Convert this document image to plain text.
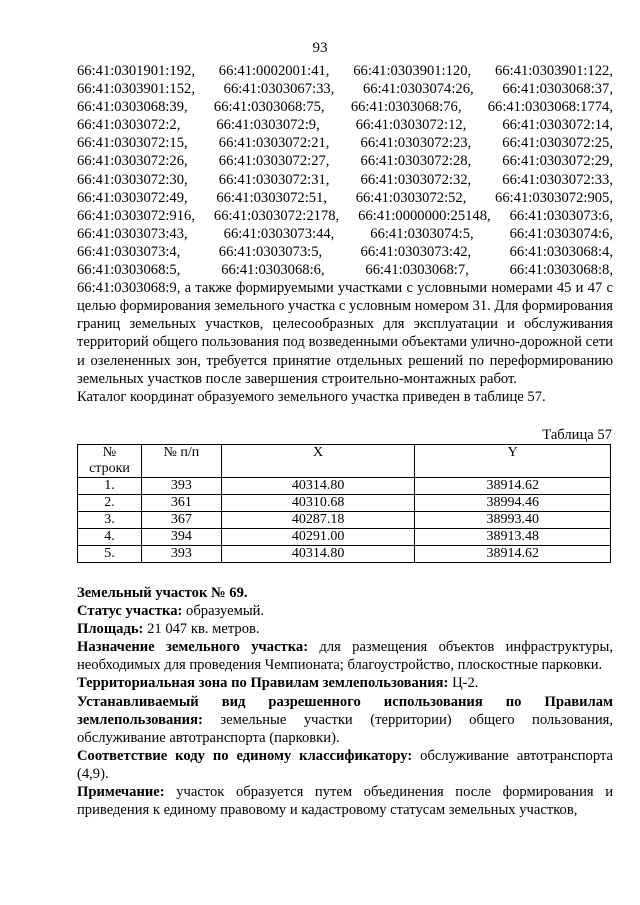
93
66:41:0301901:192, 66:41:0002001:41, 66:41:0303901:120, 66:41:0303901:122,
66:41:0303901:152, 66:41:0303067:33, 66:41:0303074:26, 66:41:0303068:37,
66:41:0303068:39, 66:41:0303068:75, 66:41:0303068:76, 66:41:0303068:1774,
66:41:0303072:2, 66:41:0303072:9, 66:41:0303072:12, 66:41:0303072:14,
66:41:0303072:15, 66:41:0303072:21, 66:41:0303072:23, 66:41:0303072:25,
66:41:0303072:26, 66:41:0303072:27, 66:41:0303072:28, 66:41:0303072:29,
66:41:0303072:30, 66:41:0303072:31, 66:41:0303072:32, 66:41:0303072:33,
66:41:0303072:49, 66:41:0303072:51, 66:41:0303072:52, 66:41:0303072:905,
66:41:0303072:916, 66:41:0303072:2178, 66:41:0000000:25148, 66:41:0303073:6,
66:41:0303073:43, 66:41:0303073:44, 66:41:0303074:5, 66:41:0303074:6,
66:41:0303073:4,	66:41:0303073:5,	66:41:0303073:42,	66:41:0303068:4,
66:41:0303068:5,	66:41:0303068:6,	66:41:0303068:7,	66:41:0303068:8,

66:41:0303068:9, а также формируемыми участками с условными номерами 45 и 47 с целью формирования земельного участка с условным номером 31. Для формирования границ земельных участков, целесообразных для эксплуатации и обслуживания территорий общего пользования под возведенными объектами улично-дорожной сети и озелененных зон, требуется принятие отдельных решений по переформированию земельных участков после завершения строительно-монтажных работ.

Каталог координат образуемого земельного участка приведен в таблице 57.

Таблица 57
№ строки	№ п/п	X	Y
1.	393	40314.80	38914.62
2.	361	40310.68	38994.46
3.	367	40287.18	38993.40
4.	394	40291.00	38913.48
5.	393	40314.80	38914.62

Земельный участок № 69.

Статус участка: образуемый.

Площадь: 21 047 кв. метров.

Назначение земельного участка: для размещения объектов инфраструктуры, необходимых для проведения Чемпионата; благоустройство, плоскостные парковки.

Территориальная зона по Правилам землепользования: Ц-2.

Устанавливаемый вид разрешенного использования по Правилам землепользования: земельные участки (территории) общего пользования, обслуживание автотранспорта (парковки).

Соответствие коду по единому классификатору: обслуживание автотранспорта (4,9).

Примечание: участок образуется путем объединения после формирования и приведения к единому правовому и кадастровому статусам земельных участков,
